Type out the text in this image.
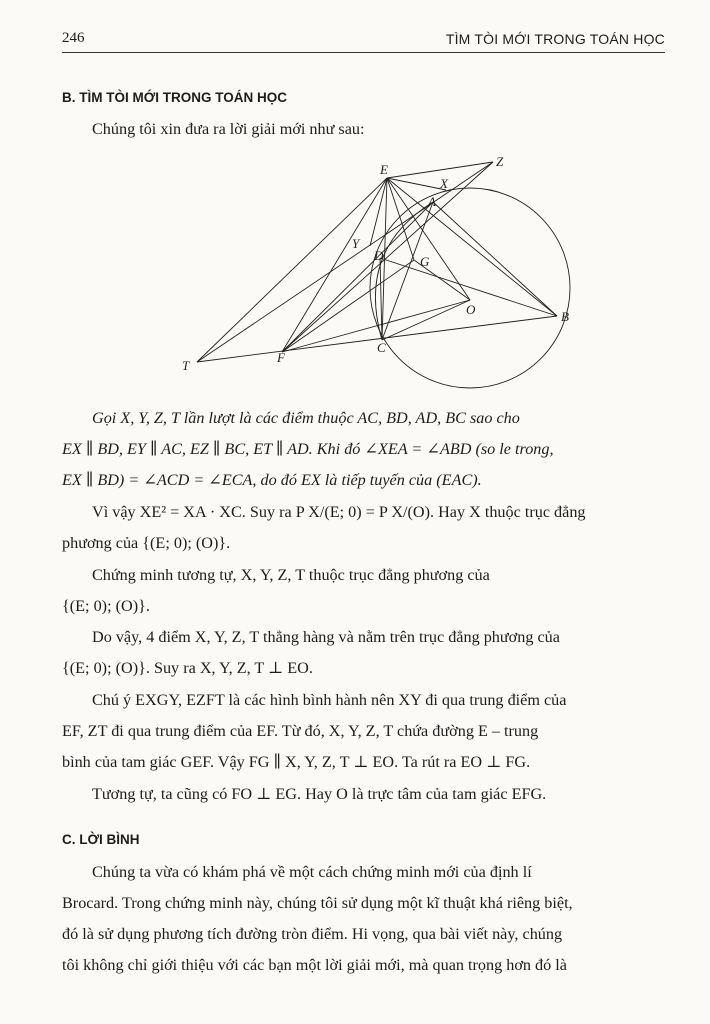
246	TÌM TÒI MỚI TRONG TOÁN HỌC
B. TÌM TÒI MỚI TRONG TOÁN HỌC

Chúng tôi xin đưa ra lời giải mới như sau:

E
Z
X
A
Y
D	G
O	B
C
F
T

Gọi X, Y, Z, T lần lượt là các điểm thuộc AC, BD, AD, BC sao cho
EX ∥ BD, EY ∥ AC, EZ ∥ BC, ET ∥ AD. Khi đó ∠XEA = ∠ABD (so le trong,
EX ∥ BD) = ∠ACD = ∠ECA, do đó EX là tiếp tuyến của (EAC).

Vì vậy XE² = XA · XC. Suy ra P X/(E; 0) = P X/(O). Hay X thuộc trục đẳng
phương của {(E; 0); (O)}.

Chứng minh tương tự, X, Y, Z, T thuộc trục đẳng phương của
{(E; 0); (O)}.

Do vậy, 4 điểm X, Y, Z, T thẳng hàng và nằm trên trục đẳng phương của
{(E; 0); (O)}. Suy ra X, Y, Z, T ⊥ EO.

Chú ý EXGY, EZFT là các hình bình hành nên XY đi qua trung điểm của
EF, ZT đi qua trung điểm của EF. Từ đó, X, Y, Z, T chứa đường E – trung
bình của tam giác GEF. Vậy FG ∥ X, Y, Z, T ⊥ EO. Ta rút ra EO ⊥ FG.

Tương tự, ta cũng có FO ⊥ EG. Hay O là trực tâm của tam giác EFG.

C. LỜI BÌNH

Chúng ta vừa có khám phá về một cách chứng minh mới của định lí
Brocard. Trong chứng minh này, chúng tôi sử dụng một kĩ thuật khá riêng biệt,
đó là sử dụng phương tích đường tròn điểm. Hi vọng, qua bài viết này, chúng
tôi không chỉ giới thiệu với các bạn một lời giải mới, mà quan trọng hơn đó là
